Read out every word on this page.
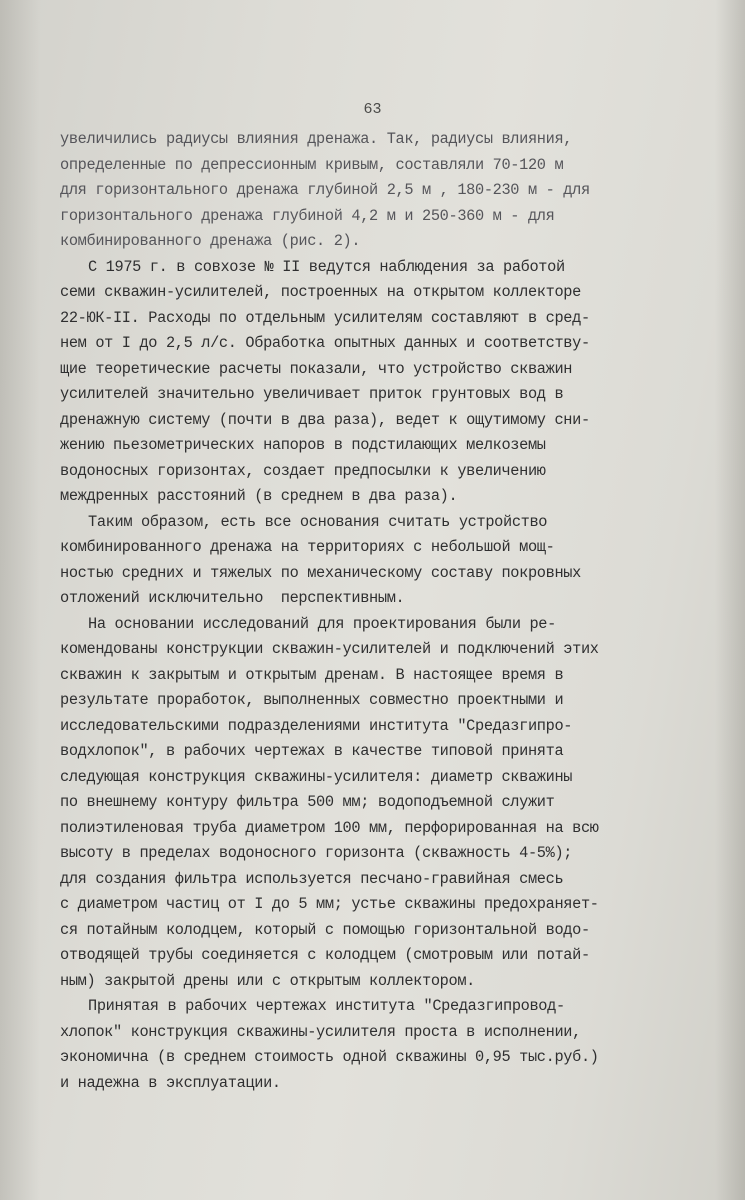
63
увеличились радиусы влияния дренажа. Так, радиусы влияния,
определенные по депрессионным кривым, составляли 70-120 м
для горизонтального дренажа глубиной 2,5 м , 180-230 м - для
горизонтального дренажа глубиной 4,2 м и 250-360 м - для
комбинированного дренажа (рис. 2).
С 1975 г. в совхозе № II ведутся наблюдения за работой
семи скважин-усилителей, построенных на открытом коллекторе
22-ЮК-II. Расходы по отдельным усилителям составляют в сред-
нем от I до 2,5 л/с. Обработка опытных данных и соответству-
щие теоретические расчеты показали, что устройство скважин
усилителей значительно увеличивает приток грунтовых вод в
дренажную систему (почти в два раза), ведет к ощутимому сни-
жению пьезометрических напоров в подстилающих мелкоземы
водоносных горизонтах, создает предпосылки к увеличению
междренных расстояний (в среднем в два раза).
Таким образом, есть все основания считать устройство
комбинированного дренажа на территориях с небольшой мощ-
ностью средних и тяжелых по механическому составу покровных
отложений исключительно  перспективным.
На основании исследований для проектирования были ре-
комендованы конструкции скважин-усилителей и подключений этих
скважин к закрытым и открытым дренам. В настоящее время в
результате проработок, выполненных совместно проектными и
исследовательскими подразделениями института "Средазгипро-
водхлопок", в рабочих чертежах в качестве типовой принята
следующая конструкция скважины-усилителя: диаметр скважины
по внешнему контуру фильтра 500 мм; водоподъемной служит
полиэтиленовая труба диаметром 100 мм, перфорированная на всю
высоту в пределах водоносного горизонта (скважность 4-5%);
для создания фильтра используется песчано-гравийная смесь
с диаметром частиц от I до 5 мм; устье скважины предохраняет-
ся потайным колодцем, который с помощью горизонтальной водо-
отводящей трубы соединяется с колодцем (смотровым или потай-
ным) закрытой дрены или с открытым коллектором.
Принятая в рабочих чертежах института "Средазгипровод-
хлопок" конструкция скважины-усилителя проста в исполнении,
экономична (в среднем стоимость одной скважины 0,95 тыс.руб.)
и надежна в эксплуатации.
